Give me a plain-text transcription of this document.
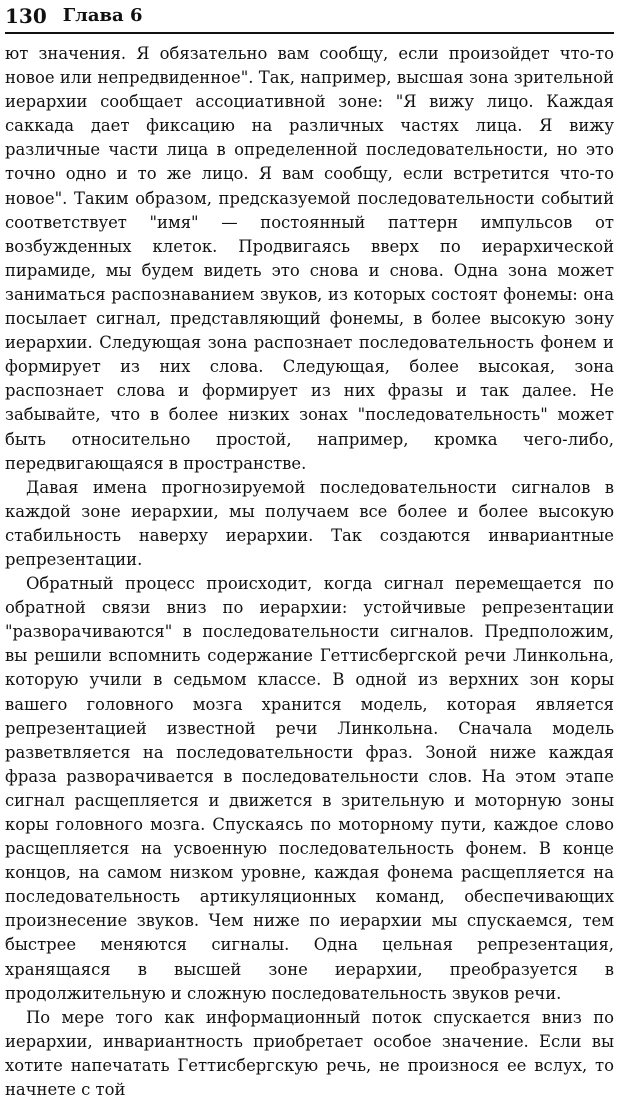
130 Глава 6

ют значения. Я обязательно вам сообщу, если произойдет что-то новое или непредвиденное". Так, например, высшая зона зрительной иерархии сообщает ассоциативной зоне: "Я вижу лицо. Каждая саккада дает фиксацию на различных частях лица. Я вижу различные части лица в определенной последовательности, но это точно одно и то же лицо. Я вам сообщу, если встретится что-то новое". Таким образом, предсказуемой последовательности событий соответствует "имя" — постоянный паттерн импульсов от возбужденных клеток. Продвигаясь вверх по иерархической пирамиде, мы будем видеть это снова и снова. Одна зона может заниматься распознаванием звуков, из которых состоят фонемы: она посылает сигнал, представляющий фонемы, в более высокую зону иерархии. Следующая зона распознает последовательность фонем и формирует из них слова. Следующая, более высокая, зона распознает слова и формирует из них фразы и так далее. Не забывайте, что в более низких зонах "последовательность" может быть относительно простой, например, кромка чего-либо, передвигающаяся в пространстве.

Давая имена прогнозируемой последовательности сигналов в каждой зоне иерархии, мы получаем все более и более высокую стабильность наверху иерархии. Так создаются инвариантные репрезентации.

Обратный процесс происходит, когда сигнал перемещается по обратной связи вниз по иерархии: устойчивые репрезентации "разворачиваются" в последовательности сигналов. Предположим, вы решили вспомнить содержание Геттисбергской речи Линкольна, которую учили в седьмом классе. В одной из верхних зон коры вашего головного мозга хранится модель, которая является репрезентацией известной речи Линкольна. Сначала модель разветвляется на последовательности фраз. Зоной ниже каждая фраза разворачивается в последовательности слов. На этом этапе сигнал расщепляется и движется в зрительную и моторную зоны коры головного мозга. Спускаясь по моторному пути, каждое слово расщепляется на усвоенную последовательность фонем. В конце концов, на самом низком уровне, каждая фонема расщепляется на последовательность артикуляционных команд, обеспечивающих произнесение звуков. Чем ниже по иерархии мы спускаемся, тем быстрее меняются сигналы. Одна цельная репрезентация, хранящаяся в высшей зоне иерархии, преобразуется в продолжительную и сложную последовательность звуков речи.

По мере того как информационный поток спускается вниз по иерархии, инвариантность приобретает особое значение. Если вы хотите напечатать Геттисбергскую речь, не произнося ее вслух, то начнете с той
